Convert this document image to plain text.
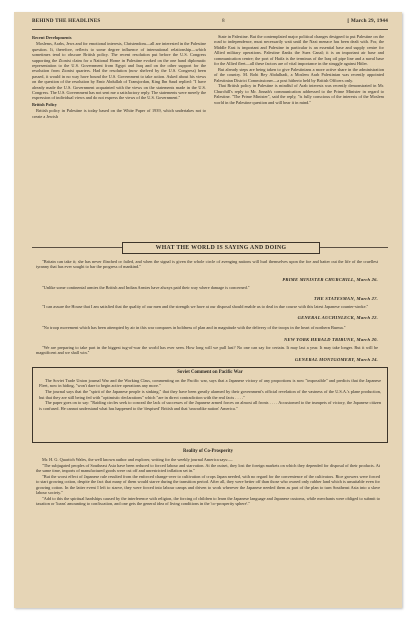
BEHIND THE HEADLINES	8	[ March 29, 1944

Recent Developments

Moslems, Arabs, Jews and for emotional interests, Christendom—all are interested in the Palestine question. It, therefore, reflects to some degree influence of international relationship—which sometimes tend to obscure British policy. The recent resolution put before the U.S. Congress supporting the Zionist claim for a National Home in Palestine evoked on the one hand diplomatic representation to the U.S. Government from Egypt and Iraq and on the other support for the resolution from Zionist quarters. Had the resolution (now shelved by the U.S. Congress) been passed, it would in no way have bound the U.S. Government to take action. Asked about his views on the question of the resolution by Emir Abdullah of Transjordan, King Ibn Saud replied: "I have already made the U.S. Government acquainted with the views on the statements made in the U.S. Congress. The U.S. Government has not sent me a satisfactory reply. The statements were merely the expression of individual views and do not express the views of the U.S. Government."

British Policy

British policy in Palestine is today based on the White Paper of 1939, which undertakes not to create a Jewish

State in Palestine. But the contemplated major political changes designed to put Palestine on the road to independence, must necessarily wait until the Nazi menace has been dealt with. For, the Middle East is important and Palestine in particular is an essential base and supply centre for Allied military operations. Palestine flanks the Suez Canal; it is an important air base and communication centre; the port of Haifa is the terminus of the Iraq oil pipe line and a naval base for the Allied fleet—all these factors are of vital importance in the struggle against Hitler.

But already steps are being taken to give Palestinians a more active share in the administration of the country. M. Rohi Bey Abdulhadi, a Moslem Arab Palestinian was recently appointed Palestinian District Commissioner—a post hitherto held by British Officers only.

That British policy in Palestine is mindful of Arab interests was recently demonstrated in Mr. Churchill's reply to Mr. Jinnah's communication addressed to the Prime Minister in regard to Palestine. "The Prime Minister", said the reply, "is fully conscious of the interests of the Moslem world in the Palestine question and will bear it in mind."

WHAT THE WORLD IS SAYING AND DOING

"Britain can take it; she has never flinched or failed, and when the signal is given the whole circle of avenging nations will hurl themselves upon the foe and batter out the life of the cruellest tyranny that has ever sought to bar the progress of mankind."

PRIME MINISTER CHURCHILL, March 26.

"Unlike some continental armies the British and Indian Armies have always paid their way where damage is concerned."

THE STATESMAN, March 27.

"I can assure the House that I am satisfied that the quality of our men and the strength we have at our disposal should enable us to deal in due course with this latest Japanese counter-stroke."

GENERAL AUCHINLECK, March 22.

"No troop movement which has been attempted by air in this war compares in boldness of plan and in magnitude with the delivery of the troops in the heart of northern Burma."

NEW YORK HERALD TRIBUNE, March 20.

"We are preparing to take part in the biggest tug-of-war the world has ever seen. How long will we pull last? No one can say for certain. It may last a year. It may take longer. But it will be magnificent and we shall win."

GENERAL MONTGOMERY, March 24.
Soviet Comment on Pacific War

The Soviet Trade Union journal War and the Working Class, commenting on the Pacific war, says that a Japanese victory of any proportions is now "impossible" and predicts that the Japanese Fleet, now in hiding, "won't dare to begin active operations any more."

The journal says that the "spirit of the Japanese people is sinking," that they have been greatly alarmed by their government's official revelation of the vastness of the U.S.A.'s plane production, but that they are still being fed with "optimistic declarations" which "are in direct contradiction with the real facts . . . ."

The paper goes on to say: "Raiding circles seek to conceal the lack of successes of the Japanese armed forces on almost all fronts . . . . Accustomed to the trumpets of victory, the Japanese citizen is confused. He cannot understand what has happened to the 'despised' British and that 'unwarlike nation' America."

Reality of Co-Prosperity

Mr. H. G. Quaritch Wales, the well known author and explorer, writing for the weekly journal America says:—

"The subjugated peoples of Southeast Asia have been reduced to forced labour and starvation. At the outset, they lost the foreign markets on which they depended for disposal of their products. At the same time, imports of manufactured goods were cut off and unrestricted inflation set in."

"But the worst effect of Japanese rule resulted from the enforced change-over to cultivation of crops Japan needed, with no regard for the convenience of the cultivators. Rice growers were forced to start growing cotton, despite the fact that many of them would starve during the transition period. After all, they were better off than those who owned only rubber land which is unsuitable even for growing cotton. In the latter event I left to starve, they were forced into labour camps and driven to work wherever the Japanese needed them as part of the plan to turn Southeast Asia into a slave labour society."

"Add to this the spiritual hardships caused by the interference with religion, the forcing of children to learn the Japanese language and Japanese customs, while merchants were obliged to submit to taxation or 'loans' amounting to confiscation, and one gets the general idea of living conditions in the 'co-prosperity sphere'."
